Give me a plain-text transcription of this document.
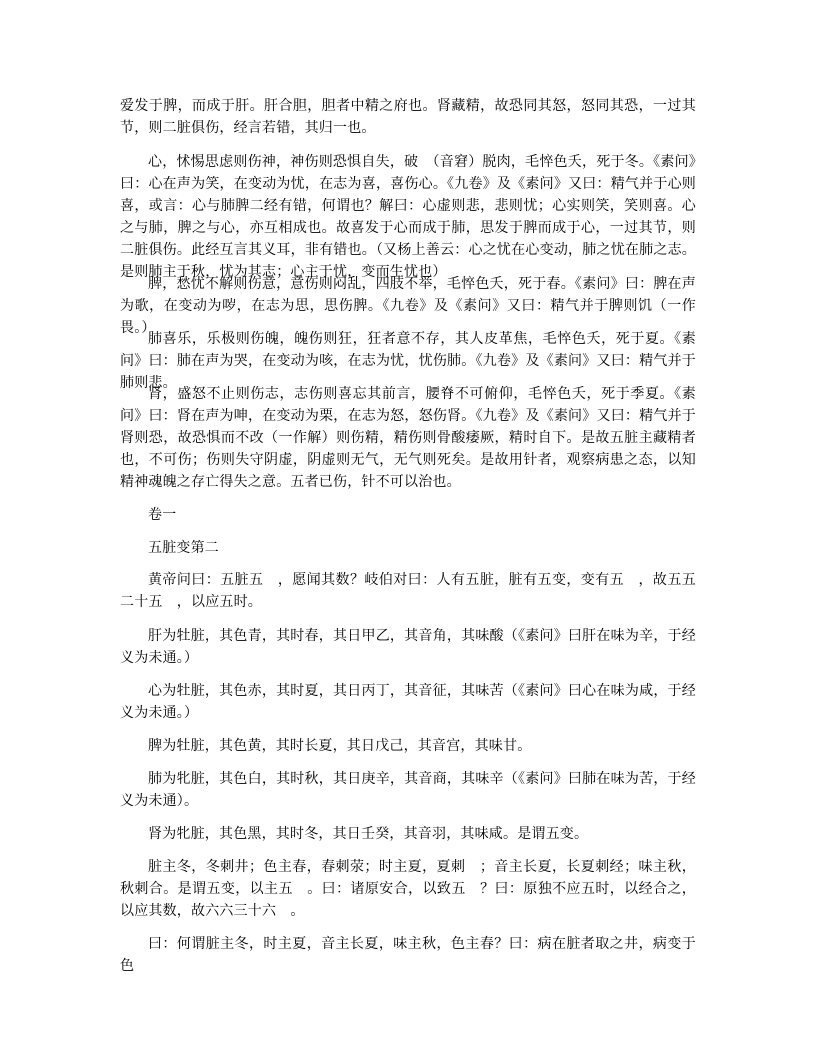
爱发于脾，而成于肝。肝合胆，胆者中精之府也。肾藏精，故恐同其怒，怒同其恐，一过其节，则二脏俱伤，经言若错，其归一也。

心，怵惕思虑则伤神，神伤则恐惧自失，破　（音窘）脱肉，毛悴色夭，死于冬。《素问》曰：心在声为笑，在变动为忧，在志为喜，喜伤心。《九卷》及《素问》又曰：精气并于心则喜，或言：心与肺脾二经有错，何谓也？解曰：心虚则悲，悲则忧；心实则笑，笑则喜。心之与肺，脾之与心，亦互相成也。故喜发于心而成于肺，思发于脾而成于心，一过其节，则二脏俱伤。此经互言其义耳，非有错也。（又杨上善云：心之忧在心变动，肺之忧在肺之志。是则肺主于秋，忧为其志；心主于忧，变而生忧也）

脾，愁忧不解则伤意，意伤则闷乱，四肢不举，毛悴色夭，死于春。《素问》曰：脾在声为歌，在变动为哕，在志为思，思伤脾。《九卷》及《素问》又曰：精气并于脾则饥（一作畏。）

肺喜乐，乐极则伤魄，魄伤则狂，狂者意不存，其人皮革焦，毛悴色夭，死于夏。《素问》曰：肺在声为哭，在变动为咳，在志为忧，忧伤肺。《九卷》及《素问》又曰：精气并于肺则悲。

肾，盛怒不止则伤志，志伤则喜忘其前言，腰脊不可俯仰，毛悴色夭，死于季夏。《素问》曰：肾在声为呻，在变动为栗，在志为怒，怒伤肾。《九卷》及《素问》又曰：精气并于肾则恐，故恐惧而不改（一作解）则伤精，精伤则骨酸痿厥，精时自下。是故五脏主藏精者也，不可伤；伤则失守阴虚，阴虚则无气，无气则死矣。是故用针者，观察病患之态，以知精神魂魄之存亡得失之意。五者已伤，针不可以治也。

卷一

五脏变第二

黄帝问曰：五脏五　，愿闻其数？岐伯对曰：人有五脏，脏有五变，变有五　，故五五二十五　，以应五时。

肝为牡脏，其色青，其时春，其日甲乙，其音角，其味酸（《素问》曰肝在味为辛，于经义为未通。）

心为牡脏，其色赤，其时夏，其日丙丁，其音征，其味苦（《素问》曰心在味为咸，于经义为未通。）

脾为牡脏，其色黄，其时长夏，其日戊己，其音宫，其味甘。

肺为牝脏，其色白，其时秋，其日庚辛，其音商，其味辛（《素问》曰肺在味为苦，于经义为未通）。

肾为牝脏，其色黑，其时冬，其日壬癸，其音羽，其味咸。是谓五变。

脏主冬，冬刺井；色主春，春刺荥；时主夏，夏刺　；音主长夏，长夏刺经；味主秋，秋刺合。是谓五变，以主五　。曰：诸原安合，以致五　？曰：原独不应五时，以经合之，以应其数，故六六三十六　。

曰：何谓脏主冬，时主夏，音主长夏，味主秋，色主春？曰：病在脏者取之井，病变于色
